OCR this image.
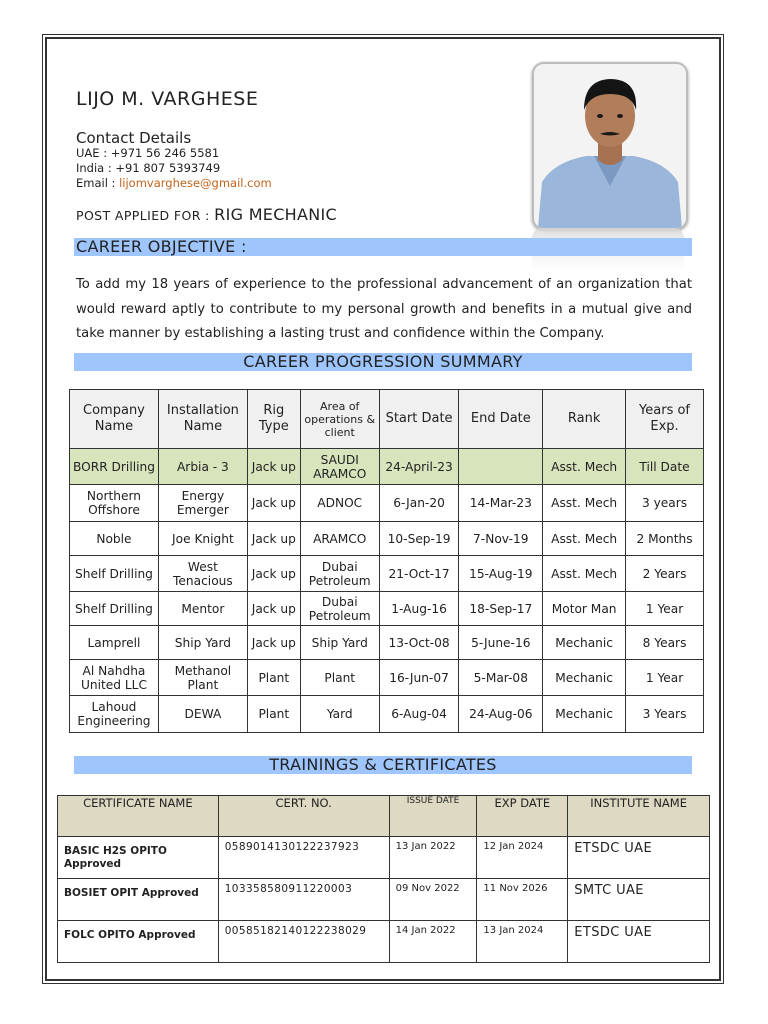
LIJO M. VARGHESE
Contact Details
UAE : +971 56 246 5581
India : +91 807 5393749
Email : lijomvarghese@gmail.com
POST APPLIED FOR : RIG MECHANIC
CAREER OBJECTIVE :
To add my 18 years of experience to the professional advancement of an organization that would reward aptly to contribute to my personal growth and benefits in a mutual give and take manner by establishing a lasting trust and confidence within the Company.
CAREER PROGRESSION SUMMARY
Company Name	Installation Name	Rig Type	Area of operations & client	Start Date	End Date	Rank	Years of Exp.
BORR Drilling	Arbia - 3	Jack up	SAUDI ARAMCO	24-April-23		Asst. Mech	Till Date
Northern Offshore	Energy Emerger	Jack up	ADNOC	6-Jan-20	14-Mar-23	Asst. Mech	3 years
Noble	Joe Knight	Jack up	ARAMCO	10-Sep-19	7-Nov-19	Asst. Mech	2 Months
Shelf Drilling	West Tenacious	Jack up	Dubai Petroleum	21-Oct-17	15-Aug-19	Asst. Mech	2 Years
Shelf Drilling	Mentor	Jack up	Dubai Petroleum	1-Aug-16	18-Sep-17	Motor Man	1 Year
Lamprell	Ship Yard	Jack up	Ship Yard	13-Oct-08	5-June-16	Mechanic	8 Years
Al Nahdha United LLC	Methanol Plant	Plant	Plant	16-Jun-07	5-Mar-08	Mechanic	1 Year
Lahoud Engineering	DEWA	Plant	Yard	6-Aug-04	24-Aug-06	Mechanic	3 Years
TRAININGS & CERTIFICATES
CERTIFICATE NAME	CERT. NO.	ISSUE DATE	EXP DATE	INSTITUTE NAME
BASIC H2S OPITO Approved	058901413012223792​3	13 Jan 2022	12 Jan 2024	ETSDC UAE
BOSIET OPIT Approved	103358580911220003	09 Nov 2022	11 Nov 2026	SMTC UAE
FOLC OPITO Approved	00585182140122238029	14 Jan 2022	13 Jan 2024	ETSDC UAE
